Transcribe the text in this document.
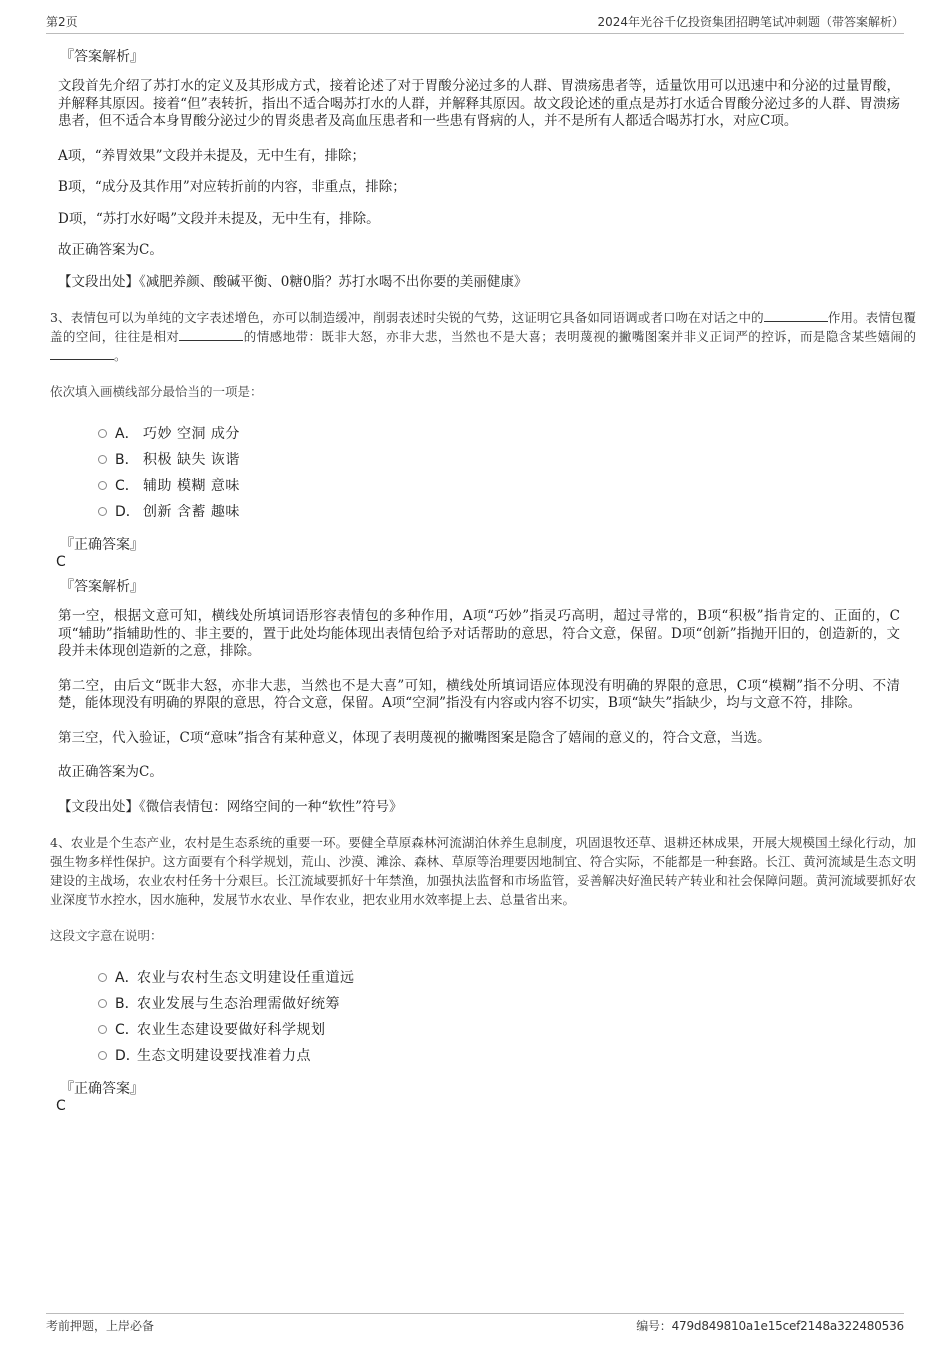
第2页	2024年光谷千亿投资集团招聘笔试冲刺题（带答案解析）
『答案解析』

文段首先介绍了苏打水的定义及其形成方式，接着论述了对于胃酸分泌过多的人群、胃溃疡患者等，适量饮用可以迅速中和分泌的过量胃酸，并解释其原因。接着“但”表转折，指出不适合喝苏打水的人群，并解释其原因。故文段论述的重点是苏打水适合胃酸分泌过多的人群、胃溃疡患者，但不适合本身胃酸分泌过少的胃炎患者及高血压患者和一些患有肾病的人，并不是所有人都适合喝苏打水，对应C项。

A项，“养胃效果”文段并未提及，无中生有，排除；

B项，“成分及其作用”对应转折前的内容，非重点，排除；

D项，“苏打水好喝”文段并未提及，无中生有，排除。

故正确答案为C。

【文段出处】《减肥养颜、酸碱平衡、0糖0脂？苏打水喝不出你要的美丽健康》

3、表情包可以为单纯的文字表述增色，亦可以制造缓冲，削弱表述时尖锐的气势，这证明它具备如同语调或者口吻在对话之中的	作用。表情包覆盖的空间，往往是相对	的情感地带：既非大怒，亦非大悲，当然也不是大喜；表明蔑视的撇嘴图案并非义正词严的控诉，而是隐含某些嬉闹的。
依次填入画横线部分最恰当的一项是：
A． 巧妙 空洞 成分
B． 积极 缺失 诙谐
C． 辅助 模糊 意味
D． 创新 含蓄 趣味
『正确答案』
C
『答案解析』

第一空，根据文意可知，横线处所填词语形容表情包的多种作用，A项“巧妙”指灵巧高明，超过寻常的，B项“积极”指肯定的、正面的，C项“辅助”指辅助性的、非主要的，置于此处均能体现出表情包给予对话帮助的意思，符合文意，保留。D项“创新”指抛开旧的，创造新的，文段并未体现创造新的之意，排除。

第二空，由后文“既非大怒，亦非大悲，当然也不是大喜”可知，横线处所填词语应体现没有明确的界限的意思，C项“模糊”指不分明、不清楚，能体现没有明确的界限的意思，符合文意，保留。A项“空洞”指没有内容或内容不切实，B项“缺失”指缺少，均与文意不符，排除。

第三空，代入验证，C项“意味”指含有某种意义，体现了表明蔑视的撇嘴图案是隐含了嬉闹的意义的，符合文意，当选。

故正确答案为C。

【文段出处】《微信表情包：网络空间的一种“软性”符号》

4、农业是个生态产业，农村是生态系统的重要一环。要健全草原森林河流湖泊休养生息制度，巩固退牧还草、退耕还林成果，开展大规模国土绿化行动，加强生物多样性保护。这方面要有个科学规划，荒山、沙漠、滩涂、森林、草原等治理要因地制宜、符合实际，不能都是一种套路。长江、黄河流域是生态文明建设的主战场，农业农村任务十分艰巨。长江流域要抓好十年禁渔，加强执法监督和市场监管，妥善解决好渔民转产转业和社会保障问题。黄河流域要抓好农业深度节水控水，因水施种，发展节水农业、旱作农业，把农业用水效率提上去、总量省出来。
这段文字意在说明：
A．
农业与农村生态文明建设任重道远
B．
农业发展与生态治理需做好统筹
C．
农业生态建设要做好科学规划
D．
生态文明建设要找准着力点
『正确答案』
C
考前押题，上岸必备	编号：479d849810a1e15cef2148a322480536
